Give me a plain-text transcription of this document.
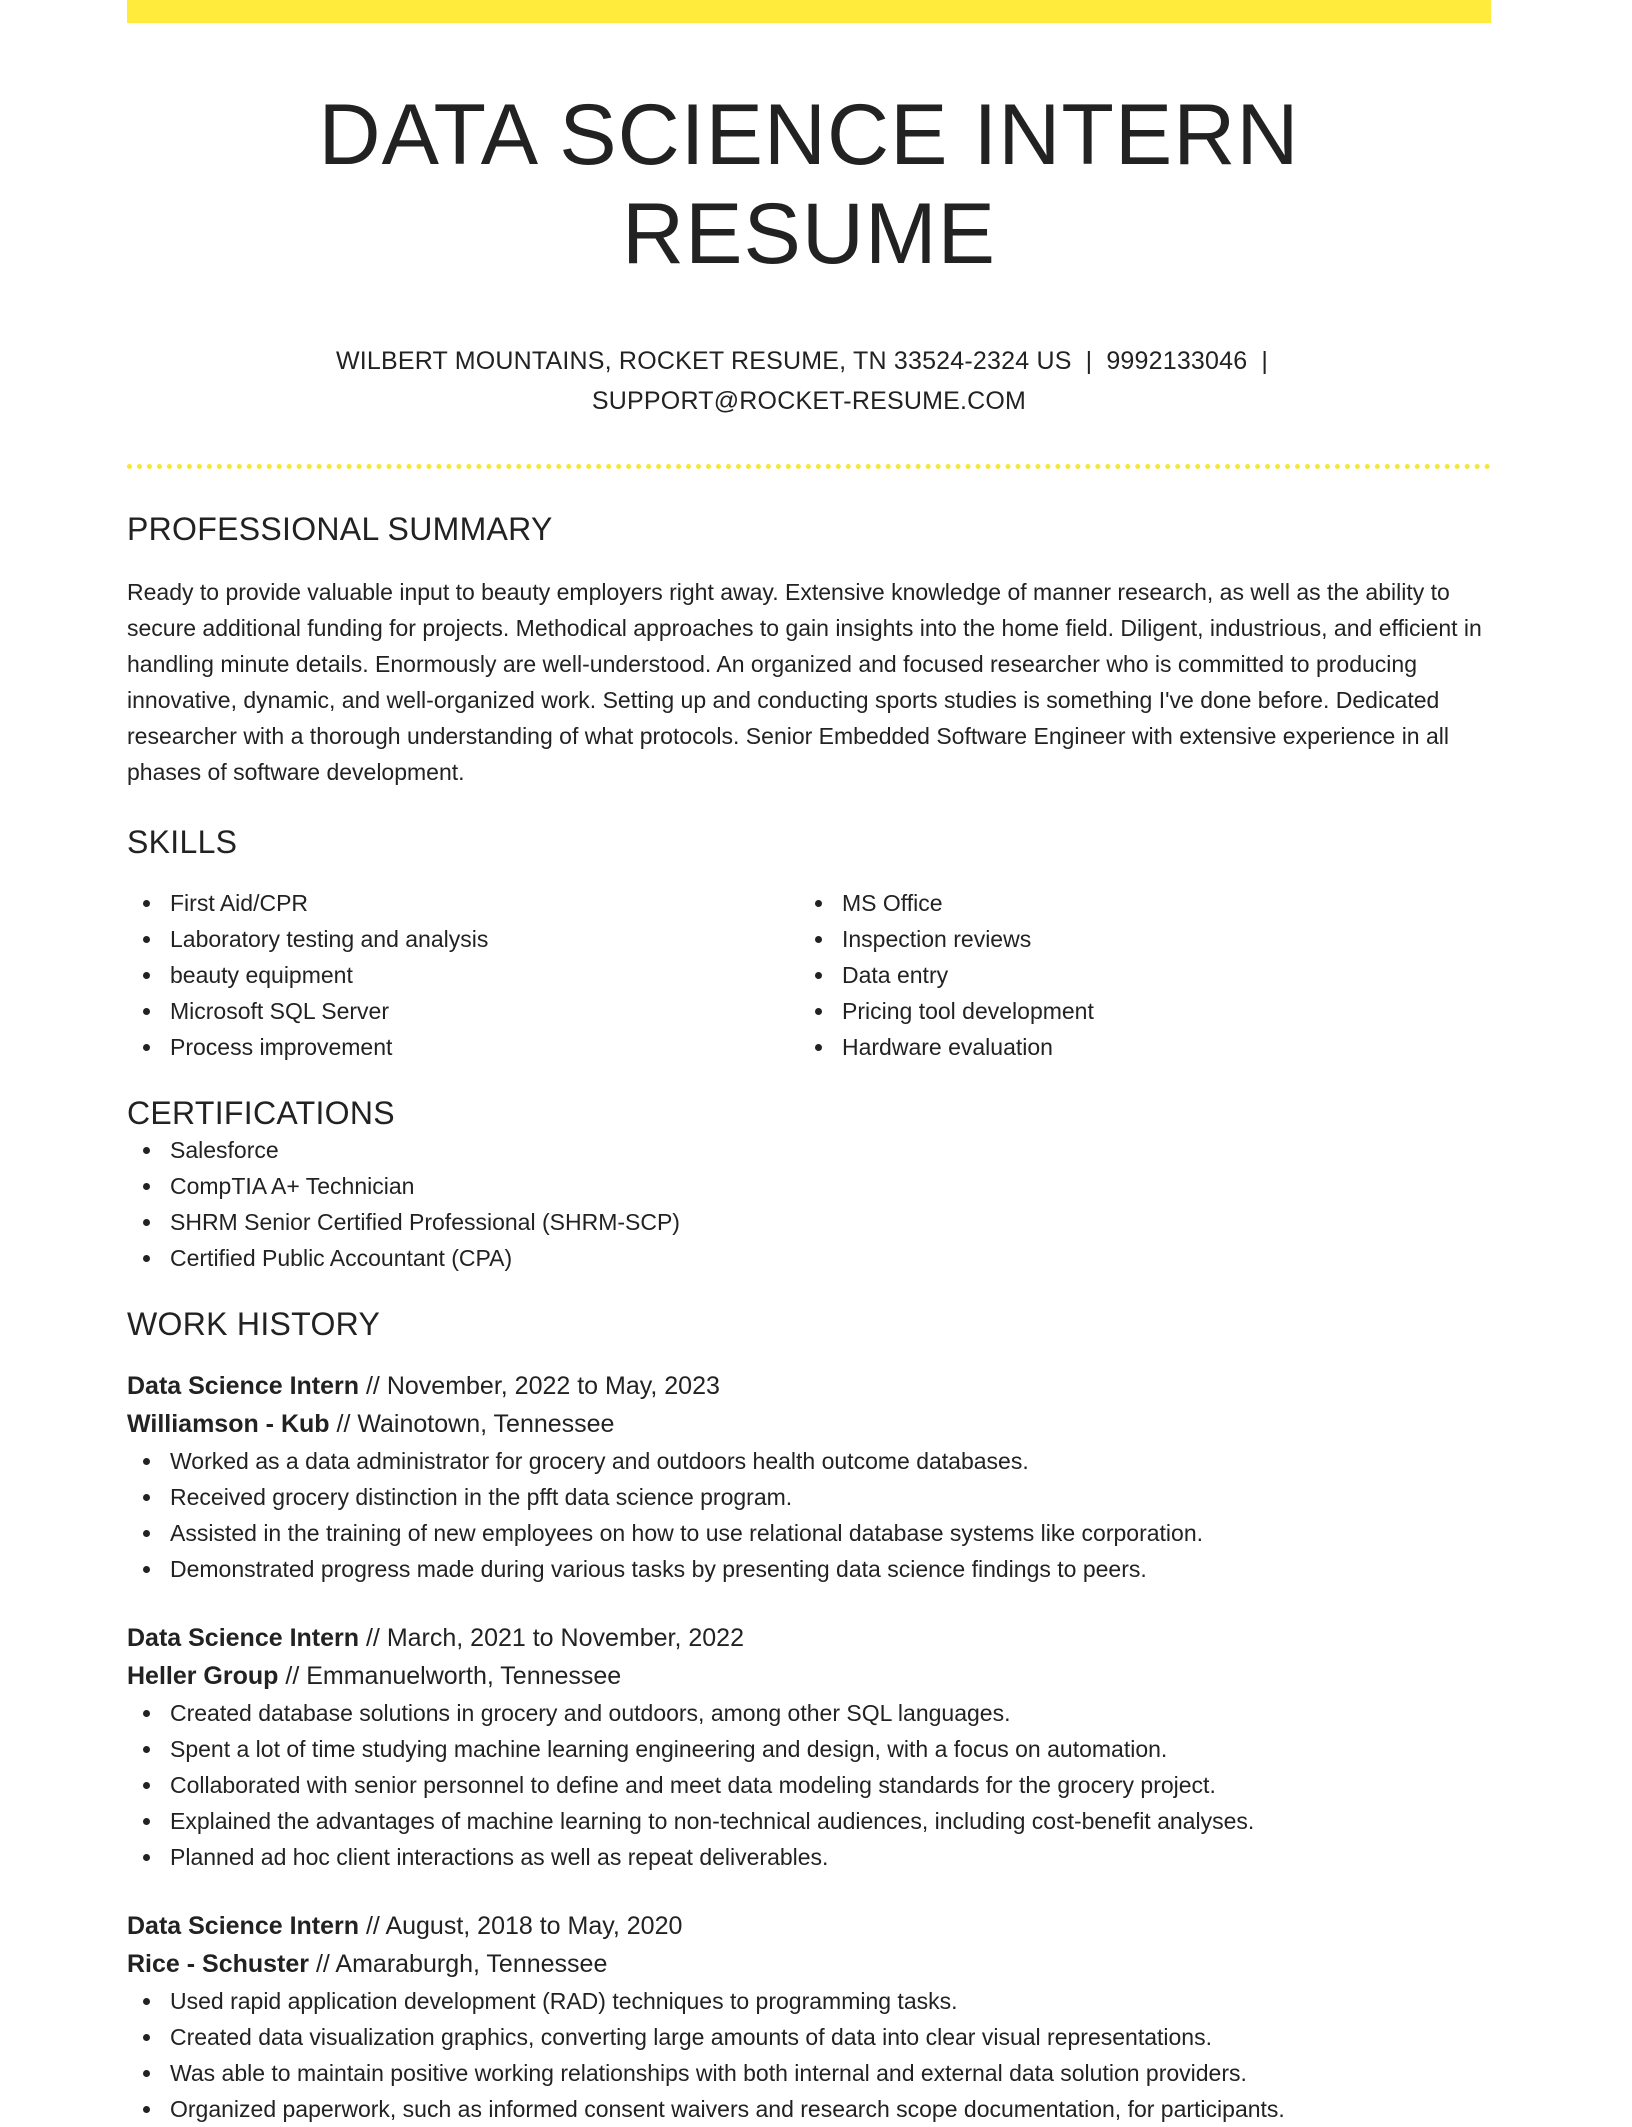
DATA SCIENCE INTERN RESUME
WILBERT MOUNTAINS, ROCKET RESUME, TN 33524-2324 US | 9992133046 |
SUPPORT@ROCKET-RESUME.COM
PROFESSIONAL SUMMARY

Ready to provide valuable input to beauty employers right away. Extensive knowledge of manner research, as well as the ability to secure additional funding for projects. Methodical approaches to gain insights into the home field. Diligent, industrious, and efficient in handling minute details. Enormously are well-understood. An organized and focused researcher who is committed to producing innovative, dynamic, and well-organized work. Setting up and conducting sports studies is something I've done before. Dedicated researcher with a thorough understanding of what protocols. Senior Embedded Software Engineer with extensive experience in all phases of software development.

SKILLS
First Aid/CPR
Laboratory testing and analysis
beauty equipment
Microsoft SQL Server
Process improvement
MS Office
Inspection reviews
Data entry
Pricing tool development
Hardware evaluation
CERTIFICATIONS
Salesforce
CompTIA A+ Technician
SHRM Senior Certified Professional (SHRM-SCP)
Certified Public Accountant (CPA)
WORK HISTORY
Data Science Intern // November, 2022 to May, 2023
Williamson - Kub // Wainotown, Tennessee
Worked as a data administrator for grocery and outdoors health outcome databases.
Received grocery distinction in the pfft data science program.
Assisted in the training of new employees on how to use relational database systems like corporation.
Demonstrated progress made during various tasks by presenting data science findings to peers.
Data Science Intern // March, 2021 to November, 2022
Heller Group // Emmanuelworth, Tennessee
Created database solutions in grocery and outdoors, among other SQL languages.
Spent a lot of time studying machine learning engineering and design, with a focus on automation.
Collaborated with senior personnel to define and meet data modeling standards for the grocery project.
Explained the advantages of machine learning to non-technical audiences, including cost-benefit analyses.
Planned ad hoc client interactions as well as repeat deliverables.
Data Science Intern // August, 2018 to May, 2020
Rice - Schuster // Amaraburgh, Tennessee
Used rapid application development (RAD) techniques to programming tasks.
Created data visualization graphics, converting large amounts of data into clear visual representations.
Was able to maintain positive working relationships with both internal and external data solution providers.
Organized paperwork, such as informed consent waivers and research scope documentation, for participants.
